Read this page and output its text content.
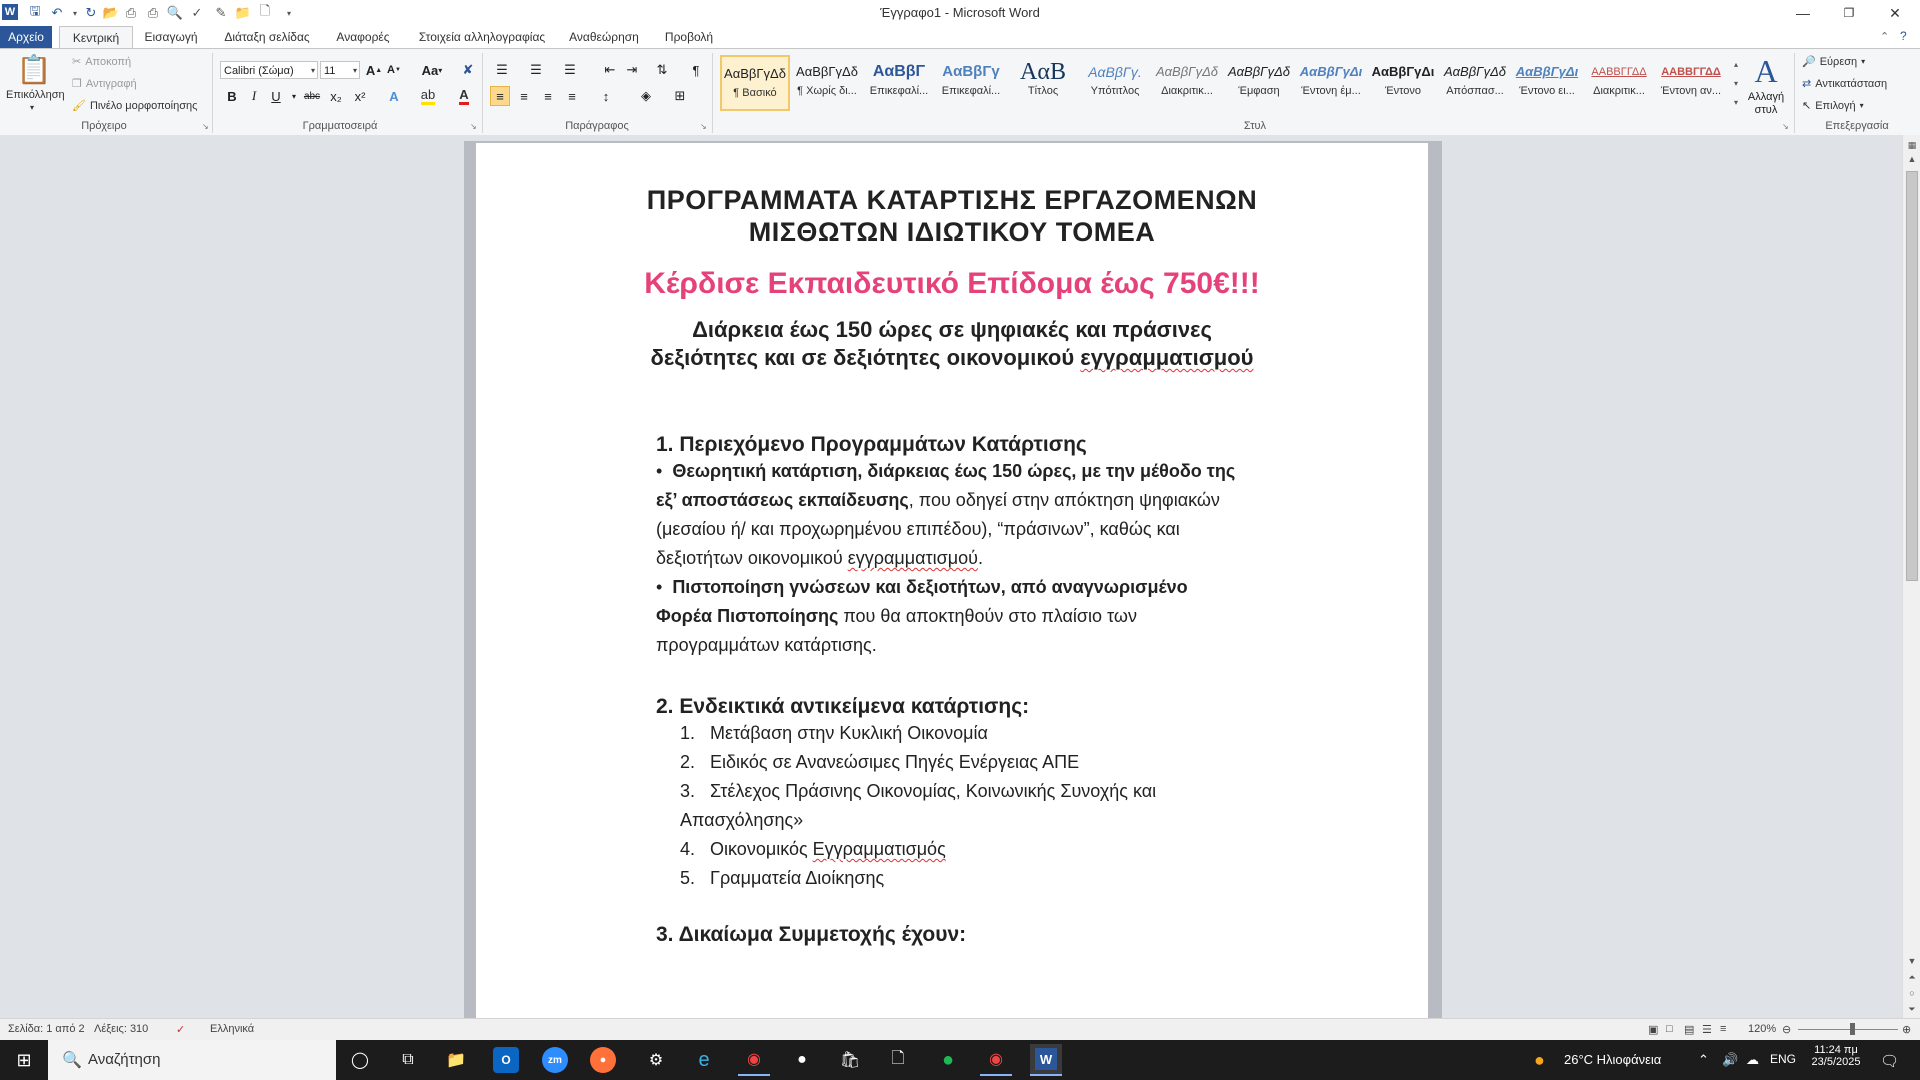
W 🖫 ↶	▾ ↻ 📂 ⎙ ⎙ 🔍 ✓ ✎ 📁 🗋	▾	Έγγραφο1 - Microsoft Word	―	❐	✕
Αρχείο	Κεντρική	Εισαγωγή	Διάταξη σελίδας	Αναφορές	Στοιχεία αλληλογραφίας	Αναθεώρηση	Προβολή	⌃ ?
📋
Επικόλληση
▾
✂ Αποκοπή
❐ Αντιγραφή
🖌 Πινέλο μορφοποίησης
Πρόχειρο	↘
Calibri (Σώμα) ▾ 11 ▾ A ▲ A ▼ Aa ▾	✘
B	I	U	▾ abc x₂ x²	A	ab A
Γραμματοσειρά	↘
☰	☰	☰	⇤ ⇥	⇅	¶
≡	≡	≡	≡	↕	◈	⊞
Παράγραφος	↘
ΑαΒβΓγΔδ
¶ Βασικό
ΑαΒβΓγΔδ
¶ Χωρίς δι...
ΑαΒβΓ
Επικεφαλί...
ΑαΒβΓγ
Επικεφαλί...
ΑαΒ
Τίτλος
ΑαΒβΓγ.
Υπότιτλος
ΑαΒβΓγΔδ
Διακριτικ...
ΑαΒβΓγΔδ
Έμφαση
ΑαΒβΓγΔι
Έντονη έμ...
ΑαΒβΓγΔι
Έντονο
ΑαΒβΓγΔδ
Απόσπασ...
ΑαΒβΓγΔι
Έντονο ει...
ΑΑΒΒΓΓΔΔ
Διακριτικ...
ΑΑΒΒΓΓΔΔ
Έντονη αν...
▴
▾
▾
A
Αλλαγή στυλ
Στυλ	↘
🔎 Εύρεση ▾
⇄ Αντικατάσταση
↖ Επιλογή ▾
Επεξεργασία
ΠΡΟΓΡΑΜΜΑΤΑ ΚΑΤΑΡΤΙΣΗΣ ΕΡΓΑΖΟΜΕΝΩΝ
ΜΙΣΘΩΤΩΝ ΙΔΙΩΤΙΚΟΥ ΤΟΜΕΑ
Κέρδισε Εκπαιδευτικό Επίδομα έως 750€!!!
Διάρκεια έως 150 ώρες σε ψηφιακές και πράσινες
δεξιότητες και σε δεξιότητες οικονομικού εγγραμματισμού
1. Περιεχόμενο Προγραμμάτων Κατάρτισης
•  Θεωρητική κατάρτιση, διάρκειας έως 150 ώρες, με την μέθοδο της
εξ’ αποστάσεως εκπαίδευσης, που οδηγεί στην απόκτηση ψηφιακών
(μεσαίου ή/ και προχωρημένου επιπέδου), “πράσινων”, καθώς και
δεξιοτήτων οικονομικού εγγραμματισμού.
•  Πιστοποίηση γνώσεων και δεξιοτήτων, από αναγνωρισμένο
Φορέα Πιστοποίησης που θα αποκτηθούν στο πλαίσιο των
προγραμμάτων κατάρτισης.
2. Ενδεικτικά αντικείμενα κατάρτισης:
1. Μετάβαση στην Κυκλική Οικονομία
2. Ειδικός σε Ανανεώσιμες Πηγές Ενέργειας ΑΠΕ
3. Στέλεχος Πράσινης Οικονομίας, Κοινωνικής Συνοχής και
Απασχόλησης»
4. Οικονομικός Εγγραμματισμός
5. Γραμματεία Διοίκησης
3. Δικαίωμα Συμμετοχής έχουν:
▦
▲
▼
⏶
○
⏷
Σελίδα: 1 από 2 Λέξεις: 310	✓ Ελληνικά	▣ □ ▤ ☰ ≡ 120% ⊖	⊕
⊞	🔍 Αναζήτηση	◯	⧉	📁	O	zm	●	⚙	e	◉	●	🛍	🗋	●	◉	W	● 26°C Ηλιοφάνεια	⌃ 🔊 ☁ ENG
11:24 πμ
23/5/2025 🗨
